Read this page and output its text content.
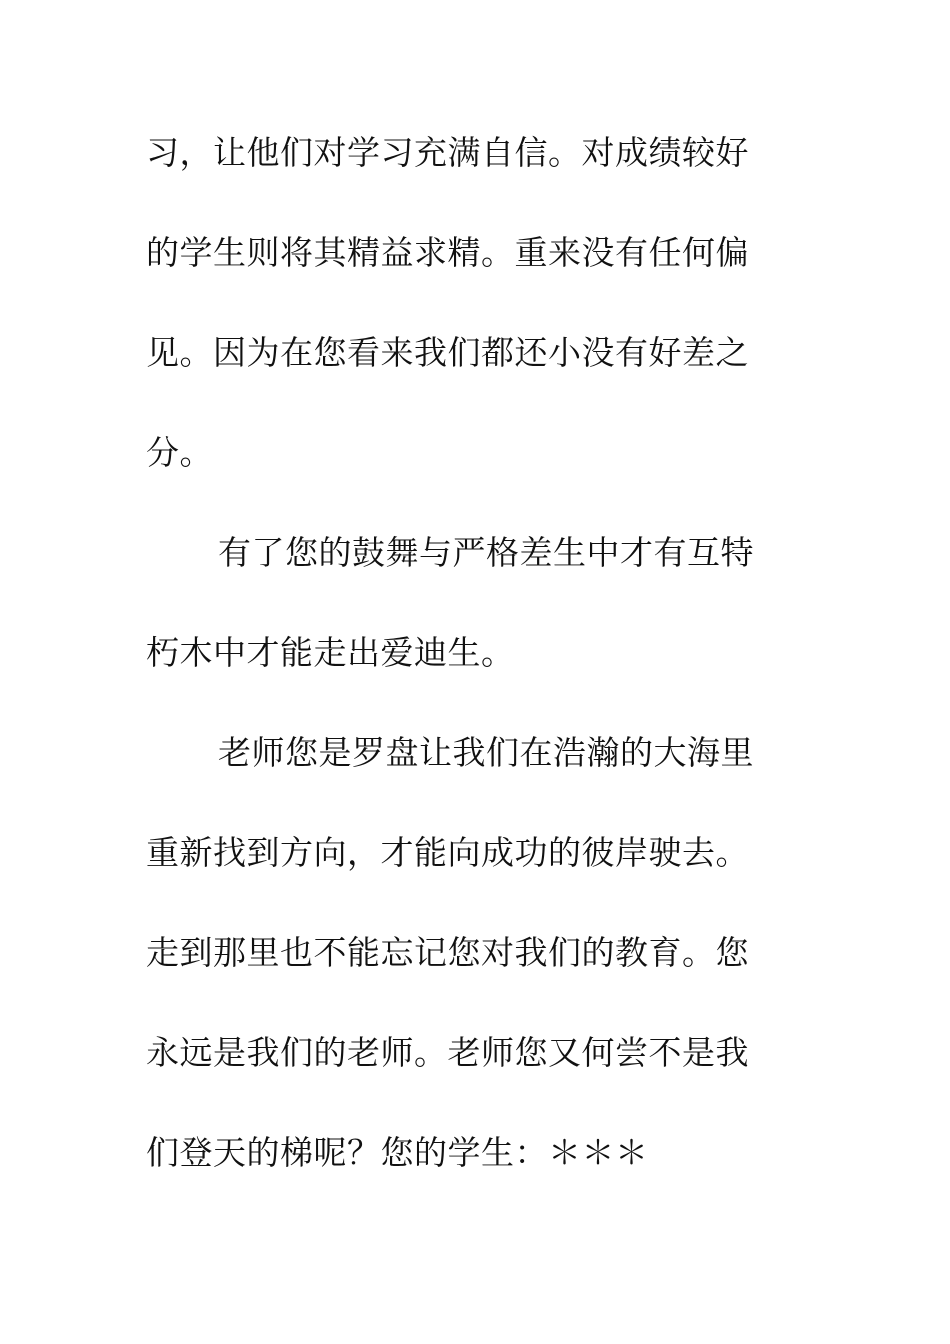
习，让他们对学习充满自信。对成绩较好
的学生则将其精益求精。重来没有任何偏
见。因为在您看来我们都还小没有好差之
分。
有了您的鼓舞与严格差生中才有互特
朽木中才能走出爱迪生。
老师您是罗盘让我们在浩瀚的大海里
重新找到方向，才能向成功的彼岸驶去。
走到那里也不能忘记您对我们的教育。您
永远是我们的老师。老师您又何尝不是我
们登天的梯呢？您的学生：＊＊＊
